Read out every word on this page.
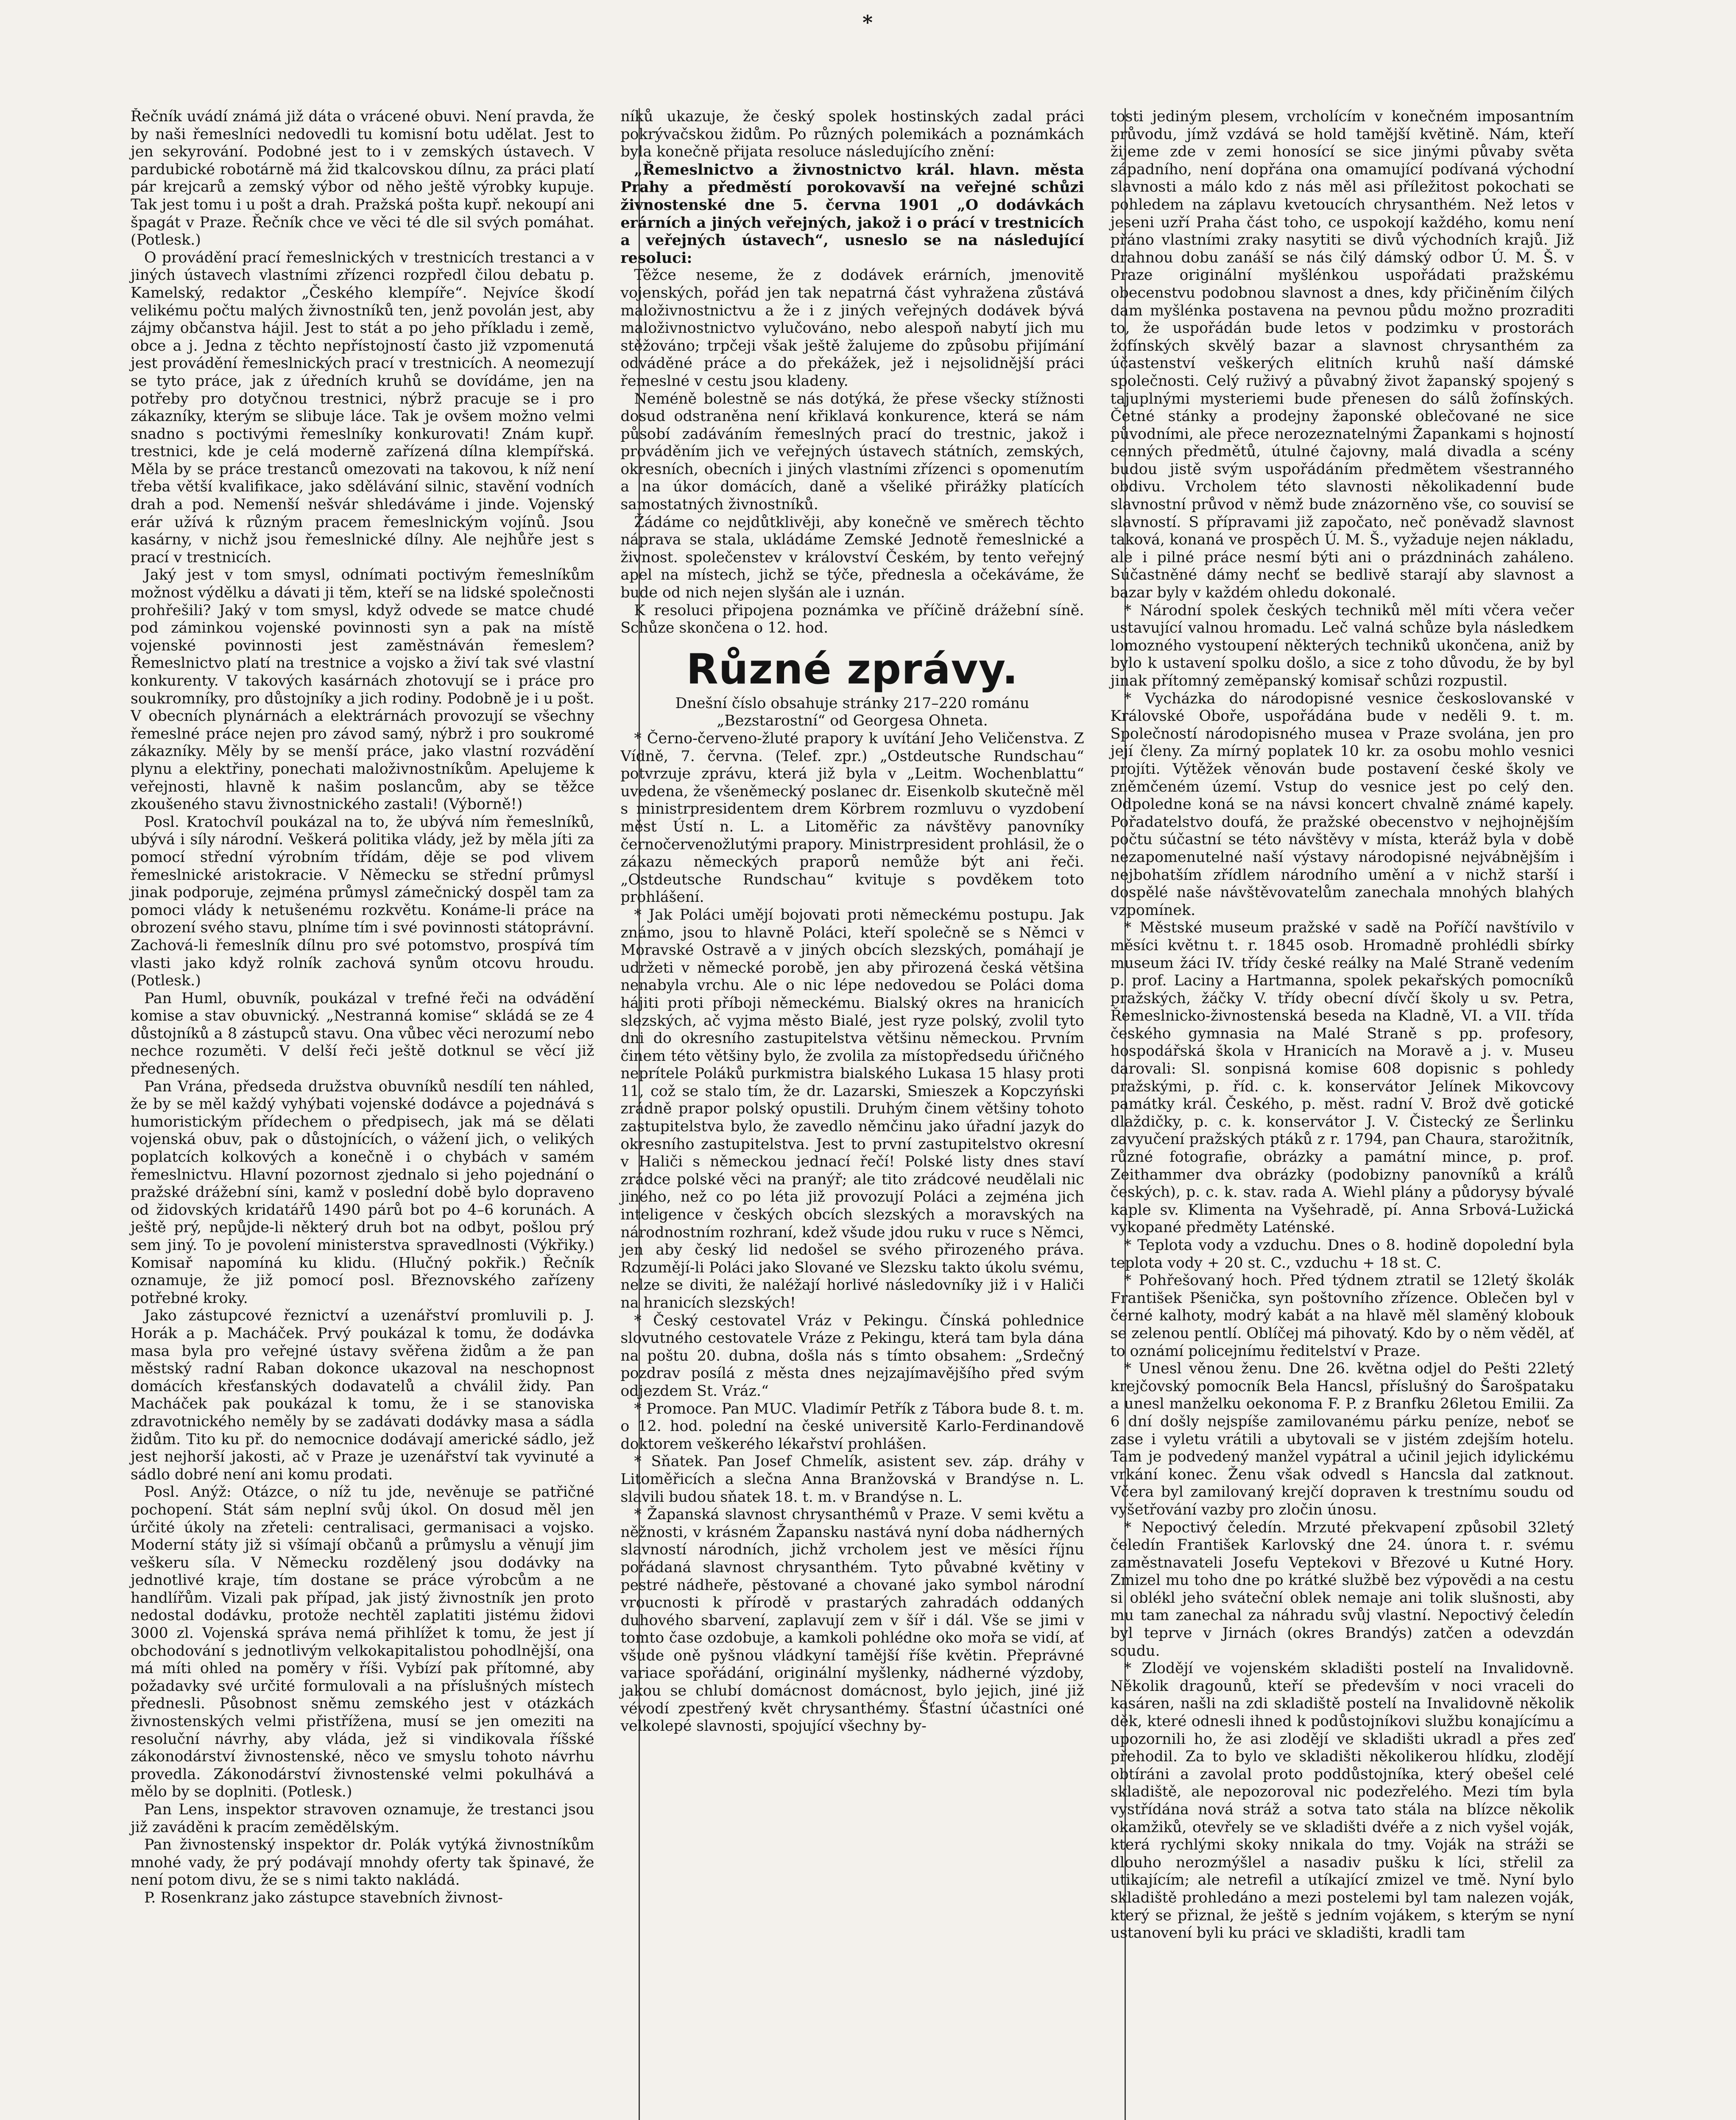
*

Řečník uvádí známá již dáta o vrácené obuvi. Není pravda, že by naši řemeslníci nedovedli tu komisní botu udělat. Jest to jen sekyrování. Podobné jest to i v zemských ústavech. V pardubické robotárně má žid tkalcovskou dílnu, za práci platí pár krejcarů a zemský výbor od něho ještě výrobky kupuje. Tak jest tomu i u pošt a drah. Pražská pošta kupř. nekoupí ani špagát v Praze. Řečník chce ve věci té dle sil svých pomáhat. (Potlesk.)

O provádění prací řemeslnických v trestnicích trestanci a v jiných ústavech vlastními zřízenci rozpředl čilou debatu p. Kamelský, redaktor „Českého klempíře“. Nejvíce škodí velikému počtu malých živnostníků ten, jenž povolán jest, aby zájmy občanstva hájil. Jest to stát a po jeho příkladu i země, obce a j. Jedna z těchto nepřístojností často již vzpomenutá jest provádění řemeslnických prací v trestnicích. A neomezují se tyto práce, jak z úředních kruhů se dovídáme, jen na potřeby pro dotyčnou trestnici, nýbrž pracuje se i pro zákazníky, kterým se slibuje láce. Tak je ovšem možno velmi snadno s poctivými řemeslníky konkurovati! Znám kupř. trestnici, kde je celá moderně zařízená dílna klempířská. Měla by se práce trestanců omezovati na takovou, k níž není třeba větší kvalifikace, jako sdělávání silnic, stavění vodních drah a pod. Nemenší nešvár shledáváme i jinde. Vojenský erár užívá k různým pracem řemeslnickým vojínů. Jsou kasárny, v nichž jsou řemeslnické dílny. Ale nejhůře jest s prací v trestnicích.

Jaký jest v tom smysl, odnímati poctivým řemeslníkům možnost výdělku a dávati ji těm, kteří se na lidské společnosti prohřešili? Jaký v tom smysl, když odvede se matce chudé pod záminkou vojenské povinnosti syn a pak na místě vojenské povinnosti jest zaměstnáván řemeslem? Řemeslnictvo platí na trestnice a vojsko a živí tak své vlastní konkurenty. V takových kasárnách zhotovují se i práce pro soukromníky, pro důstojníky a jich rodiny. Podobně je i u pošt. V obecních plynárnách a elektrárnách provozují se všechny řemeslné práce nejen pro závod samý, nýbrž i pro soukromé zákazníky. Měly by se menší práce, jako vlastní rozvádění plynu a elektřiny, ponechati maloživnostníkům. Apelujeme k veřejnosti, hlavně k našim poslancům, aby se těžce zkoušeného stavu živnostnického zastali! (Výborně!)

Posl. Kratochvíl poukázal na to, že ubývá ním řemeslníků, ubývá i síly národní. Veškerá politika vlády, jež by měla jíti za pomocí střední výrobním třídám, děje se pod vlivem řemeslnické aristokracie. V Německu se střední průmysl jinak podporuje, zejména průmysl zámečnický dospěl tam za pomoci vlády k netušenému rozkvětu. Konáme-li práce na obrození svého stavu, plníme tím i své povinnosti státoprávní. Zachová-li řemeslník dílnu pro své potomstvo, prospívá tím vlasti jako když rolník zachová synům otcovu hroudu. (Potlesk.)

Pan Huml, obuvník, poukázal v trefné řeči na odvádění komise a stav obuvnický. „Nestranná komise“ skládá se ze 4 důstojníků a 8 zástupců stavu. Ona vůbec věci nerozumí nebo nechce rozuměti. V delší řeči ještě dotknul se věcí již přednesených.

Pan Vrána, předseda družstva obuvníků nesdílí ten náhled, že by se měl každý vyhýbati vojenské dodávce a pojednává s humoristickým přídechem o předpisech, jak má se dělati vojenská obuv, pak o důstojnících, o vážení jich, o velikých poplatcích kolkových a konečně i o chybách v samém řemeslnictvu. Hlavní pozornost zjednalo si jeho pojednání o pražské drážební síni, kamž v poslední době bylo dopraveno od židovských kridatářů 1490 párů bot po 4–6 korunách. A ještě prý, nepůjde-li některý druh bot na odbyt, pošlou prý sem jiný. To je povolení ministerstva spravedlnosti (Výkřiky.) Komisař napomíná ku klidu. (Hlučný pokřik.) Řečník oznamuje, že již pomocí posl. Březnovského zařízeny potřebné kroky.

Jako zástupcové řeznictví a uzenářství promluvili p. J. Horák a p. Macháček. Prvý poukázal k tomu, že dodávka masa byla pro veřejné ústavy svěřena židům a že pan městský radní Raban dokonce ukazoval na neschopnost domácích křesťanských dodavatelů a chválil židy. Pan Macháček pak poukázal k tomu, že i se stanoviska zdravotnického neměly by se zadávati dodávky masa a sádla židům. Tito ku př. do nemocnice dodávají americké sádlo, jež jest nejhorší jakosti, ač v Praze je uzenářství tak vyvinuté a sádlo dobré není ani komu prodati.

Posl. Anýž: Otázce, o níž tu jde, nevěnuje se patřičné pochopení. Stát sám neplní svůj úkol. On dosud měl jen úrčité úkoly na zřeteli: centralisaci, germanisaci a vojsko. Moderní státy již si všímají občanů a průmyslu a věnují jim veškeru síla. V Německu rozdělený jsou dodávky na jednotlivé kraje, tím dostane se práce výrobcům a ne handlířům. Vizali pak případ, jak jistý živnostník jen proto nedostal dodávku, protože nechtěl zaplatiti jistému židovi 3000 zl. Vojenská správa nemá přihlížet k tomu, že jest jí obchodování s jednotlivým velkokapitalistou pohodlnější, ona má míti ohled na poměry v říši. Vybízí pak přítomné, aby požadavky své určité formulovali a na příslušných místech přednesli. Působnost sněmu zemského jest v otázkách živnostenských velmi přistřížena, musí se jen omeziti na resoluční návrhy, aby vláda, jež si vindikovala říšské zákonodárství živnostenské, něco ve smyslu tohoto návrhu provedla. Zákonodárství živnostenské velmi pokulhává a mělo by se doplniti. (Potlesk.)

Pan Lens, inspektor stravoven oznamuje, že trestanci jsou již zaváděni k pracím zemědělským.

Pan živnostenský inspektor dr. Polák vytýká živnostníkům mnohé vady, že prý podávají mnohdy oferty tak špinavé, že není potom divu, že se s nimi takto nakládá.

P. Rosenkranz jako zástupce stavebních živnost-

níků ukazuje, že český spolek hostinských zadal práci pokrývačskou židům. Po různých polemikách a poznámkách byla konečně přijata resoluce následujícího znění:

„Řemeslnictvo a živnostnictvo král. hlavn. města Prahy a předměstí porokovavší na veřejné schůzi živnostenské dne 5. června 1901 „O dodávkách erárních a jiných veřejných, jakož i o prácí v trestnicích a veřejných ústavech“, usneslo se na následující resoluci:

Těžce neseme, že z dodávek erárních, jmenovitě vojenských, pořád jen tak nepatrná část vyhražena zůstává maloživnostnictvu a že i z jiných veřejných dodávek bývá maloživnostnictvo vylučováno, nebo alespoň nabytí jich mu stěžováno; trpčeji však ještě žalujeme do způsobu přijímání odváděné práce a do překážek, jež i nejsolidnější práci řemeslné v cestu jsou kladeny.

Neméně bolestně se nás dotýká, že přese všecky stížnosti dosud odstraněna není křiklavá konkurence, která se nám působí zadáváním řemeslných prací do trestnic, jakož i prováděním jich ve veřejných ústavech státních, zemských, okresních, obecních i jiných vlastními zřízenci s opomenutím a na úkor domácích, daně a všeliké přirážky platících samostatných živnostníků.

Žádáme co nejdůtklivěji, aby konečně ve směrech těchto náprava se stala, ukládáme Zemské Jednotě řemeslnické a živnost. společenstev v království Českém, by tento veřejný apel na místech, jichž se týče, přednesla a očekáváme, že bude od nich nejen slyšán ale i uznán.

K resoluci připojena poznámka ve příčině drážební síně. Schůze skončena o 12. hod.

Různé zprávy.

Dnešní číslo obsahuje stránky 217–220 románu „Bezstarostní“ od Georgesa Ohneta.

* Černo-červeno-žluté prapory k uvítání Jeho Veličenstva. Z Vídně, 7. června. (Telef. zpr.) „Ostdeutsche Rundschau“ potvrzuje zprávu, která již byla v „Leitm. Wochenblattu“ uvedena, že všeněmecký poslanec dr. Eisenkolb skutečně měl s ministrpresidentem drem Körbrem rozmluvu o vyzdobení měst Ústí n. L. a Litoměřic za návštěvy panovníky černočervenožlutými prapory. Ministrpresident prohlásil, že o zákazu německých praporů nemůže být ani řeči. „Ostdeutsche Rundschau“ kvituje s povděkem toto prohlášení.

* Jak Poláci umějí bojovati proti německému postupu. Jak známo, jsou to hlavně Poláci, kteří společně se s Němci v Moravské Ostravě a v jiných obcích slezských, pomáhají je udržeti v německé porobě, jen aby přirozená česká většina nenabyla vrchu. Ale o nic lépe nedovedou se Poláci doma hájiti proti příboji německému. Bialský okres na hranicích slezských, ač vyjma město Bialé, jest ryze polský, zvolil tyto dni do okresního zastupitelstva většinu německou. Prvním činem této většiny bylo, že zvolila za místopředsedu úřičného neprítele Poláků purkmistra bialského Lukasa 15 hlasy proti 11, což se stalo tím, že dr. Lazarski, Smieszek a Kopczyński zrádně prapor polský opustili. Druhým činem většiny tohoto zastupitelstva bylo, že zavedlo němčinu jako úřadní jazyk do okresního zastupitelstva. Jest to první zastupitelstvo okresní v Haliči s německou jednací řečí! Polské listy dnes staví zrádce polské věci na pranýř; ale tito zrádcové neudělali nic jiného, než co po léta již provozují Poláci a zejména jich inteligence v českých obcích slezských a moravských na národnostním rozhraní, kdež všude jdou ruku v ruce s Němci, jen aby český lid nedošel se svého přirozeného práva. Rozumějí-li Poláci jako Slované ve Slezsku takto úkolu svému, nelze se diviti, že naléžají horlivé následovníky již i v Haliči na hranicích slezských!

* Český cestovatel Vráz v Pekingu. Čínská pohlednice slovutného cestovatele Vráze z Pekingu, která tam byla dána na poštu 20. dubna, došla nás s tímto obsahem: „Srdečný pozdrav posílá z města dnes nejzajímavějšího před svým odjezdem St. Vráz.“

* Promoce. Pan MUC. Vladimír Petřík z Tábora bude 8. t. m. o 12. hod. polední na české universitě Karlo-Ferdinandově doktorem veškerého lékařství prohlášen.

* Sňatek. Pan Josef Chmelík, asistent sev. záp. dráhy v Litoměřicích a slečna Anna Branžovská v Brandýse n. L. slavili budou sňatek 18. t. m. v Brandýse n. L.

* Žapanská slavnost chrysanthémů v Praze. V semi květu a něžnosti, v krásném Žapansku nastává nyní doba nádherných slavností národních, jichž vrcholem jest ve měsíci říjnu pořádaná slavnost chrysanthém. Tyto půvabné květiny v pestré nádheře, pěstované a chované jako symbol národní vroucnosti k přírodě v prastarých zahradách oddaných duhového sbarvení, zaplavují zem v šíř i dál. Vše se jimi v tomto čase ozdobuje, a kamkoli pohlédne oko mořa se vidí, ať všude oně pyšnou vládkyní tamější říše květin. Přeprávné variace spořádání, originální myšlenky, nádherné výzdoby, jakou se chlubí domácnost domácnost, bylo jejich, jiné již vévodí zpestřený květ chrysanthémy. Šťastní účastníci oné velkolepé slavnosti, spojující všechny by-

tosti jediným plesem, vrcholícím v konečném imposantním průvodu, jímž vzdává se hold tamější květině. Nám, kteří žijeme zde v zemi honosící se sice jinými půvaby světa západního, není dopřána ona omamující podívaná východní slavnosti a málo kdo z nás měl asi příležitost pokochati se pohledem na záplavu kvetoucích chrysanthém. Než letos v jeseni uzří Praha část toho, ce uspokojí každého, komu není přáno vlastními zraky nasytiti se divů východních krajů. Již drahnou dobu zanáší se nás čilý dámský odbor Ú. M. Š. v Praze originální myšlénkou uspořádati pražskému obecenstvu podobnou slavnost a dnes, kdy přičiněním čilých dam myšlénka postavena na pevnou půdu možno prozraditi to, že uspořádán bude letos v podzimku v prostorách žofínských skvělý bazar a slavnost chrysanthém za účastenství veškerých elitních kruhů naší dámské společnosti. Celý ruživý a půvabný život žapanský spojený s tajuplnými mysteriemi bude přenesen do sálů žofínských. Četné stánky a prodejny žaponské oblečované ne sice původními, ale přece nerozeznatelnými Žapankami s hojností cenných předmětů, útulné čajovny, malá divadla a scény budou jistě svým uspořádáním předmětem všestranného obdivu. Vrcholem této slavnosti několikadenní bude slavnostní průvod v němž bude znázorněno vše, co souvisí se slavností. S přípravami již započato, neč poněvadž slavnost taková, konaná ve prospěch Ú. M. Š., vyžaduje nejen nákladu, ale i pilné práce nesmí býti ani o prázdninách zaháleno. Súčastněné dámy nechť se bedlivě starají aby slavnost a bazar byly v každém ohledu dokonalé.

* Národní spolek českých techniků měl míti včera večer ustavující valnou hromadu. Leč valná schůze byla následkem lomozného vystoupení některých techniků ukončena, aniž by bylo k ustavení spolku došlo, a sice z toho důvodu, že by byl jinak přítomný zeměpanský komisař schůzi rozpustil.

* Vycházka do národopisné vesnice českoslovanské v Královské Oboře, uspořádána bude v neděli 9. t. m. Společností národopisného musea v Praze svolána, jen pro její členy. Za mírný poplatek 10 kr. za osobu mohlo vesnici projíti. Výtěžek věnován bude postavení české školy ve zněmčeném území. Vstup do vesnice jest po celý den. Odpoledne koná se na návsi koncert chvalně známé kapely. Pořadatelstvo doufá, že pražské obecenstvo v nejhojnějším počtu súčastní se této návštěvy v místa, kteráž byla v době nezapomenutelné naší výstavy národopisné nejvábnějším i nejbohatším zřídlem národního umění a v nichž starší i dospělé naše návštěvovatelům zanechala mnohých blahých vzpomínek.

* Městské museum pražské v sadě na Poříčí navštívilo v měsíci květnu t. r. 1845 osob. Hromadně prohlédli sbírky museum žáci IV. třídy české reálky na Malé Straně vedením p. prof. Laciny a Hartmanna, spolek pekařských pomocníků pražských, žáčky V. třídy obecní dívčí školy u sv. Petra, Řemeslnicko-živnostenská beseda na Kladně, VI. a VII. třída českého gymnasia na Malé Straně s pp. profesory, hospodářská škola v Hranicích na Moravě a j. v. Museu darovali: Sl. sonpisná komise 608 dopisnic s pohledy pražskými, p. říd. c. k. konservátor Jelínek Mikovcovy památky král. Českého, p. měst. radní V. Brož dvě gotické dlaždičky, p. c. k. konservátor J. V. Čistecký ze Šerlinku zavyučení pražských ptáků z r. 1794, pan Chaura, starožitník, různé fotografie, obrázky a památní mince, p. prof. Zeithammer dva obrázky (podobizny panovníků a králů českých), p. c. k. stav. rada A. Wiehl plány a půdorysy bývalé kaple sv. Klimenta na Vyšehradě, pí. Anna Srbová-Lužická vykopané předměty Laténské.

* Teplota vody a vzduchu. Dnes o 8. hodině dopolední byla teplota vody + 20 st. C., vzduchu + 18 st. C.

* Pohřešovaný hoch. Před týdnem ztratil se 12letý školák František Pšenička, syn poštovního zřízence. Oblečen byl v černé kalhoty, modrý kabát a na hlavě měl slaměný klobouk se zelenou pentlí. Oblíčej má pihovatý. Kdo by o něm věděl, ať to oznámí policejnímu ředitelství v Praze.

* Unesl věnou ženu. Dne 26. května odjel do Pešti 22letý krejčovský pomocník Bela Hancsl, příslušný do Šarošpataku a unesl manželku oekonoma F. P. z Branfku 26letou Emilii. Za 6 dní došly nejspíše zamilovanému párku peníze, neboť se zase i vyletu vrátili a ubytovali se v jistém zdejším hotelu. Tam je podvedený manžel vypátral a učinil jejich idylickému vrkání konec. Ženu však odvedl s Hancsla dal zatknout. Včera byl zamilovaný krejčí dopraven k trestnímu soudu od vyšetřování vazby pro zločin únosu.

* Nepoctivý čeledín. Mrzuté překvapení způsobil 32letý čeledín František Karlovský dne 24. února t. r. svému zaměstnavateli Josefu Veptekovi v Březové u Kutné Hory. Zmizel mu toho dne po krátké službě bez výpovědi a na cestu si oblékl jeho sváteční oblek nemaje ani tolik slušnosti, aby mu tam zanechal za náhradu svůj vlastní. Nepoctivý čeledín byl teprve v Jirnách (okres Brandýs) zatčen a odevzdán soudu.

* Zlodějí ve vojenském skladišti postelí na Invalidovně. Několik dragounů, kteří se především v noci vraceli do kasáren, našli na zdi skladiště postelí na Invalidovně několik děk, které odnesli ihned k podůstojníkovi službu konajícímu a upozornili ho, že asi zlodějí ve skladišti ukradl a přes zeď přehodil. Za to bylo ve skladišti několikerou hlídku, zlodějí obtíráni a zavolal proto poddůstojníka, který obešel celé skladiště, ale nepozoroval nic podezřelého. Mezi tím byla vystřídána nová stráž a sotva tato stála na blízce několik okamžiků, otevřely se ve skladišti dvéře a z nich vyšel voják, která rychlými skoky nnikala do tmy. Voják na stráži se dlouho nerozmýšlel a nasadiv pušku k líci, střelil za utikajícím; ale netrefil a utíkající zmizel ve tmě. Nyní bylo skladiště prohledáno a mezi postelemi byl tam nalezen voják, který se přiznal, že ještě s jedním vojákem, s kterým se nyní ustanovení byli ku práci ve skladišti, kradli tam
